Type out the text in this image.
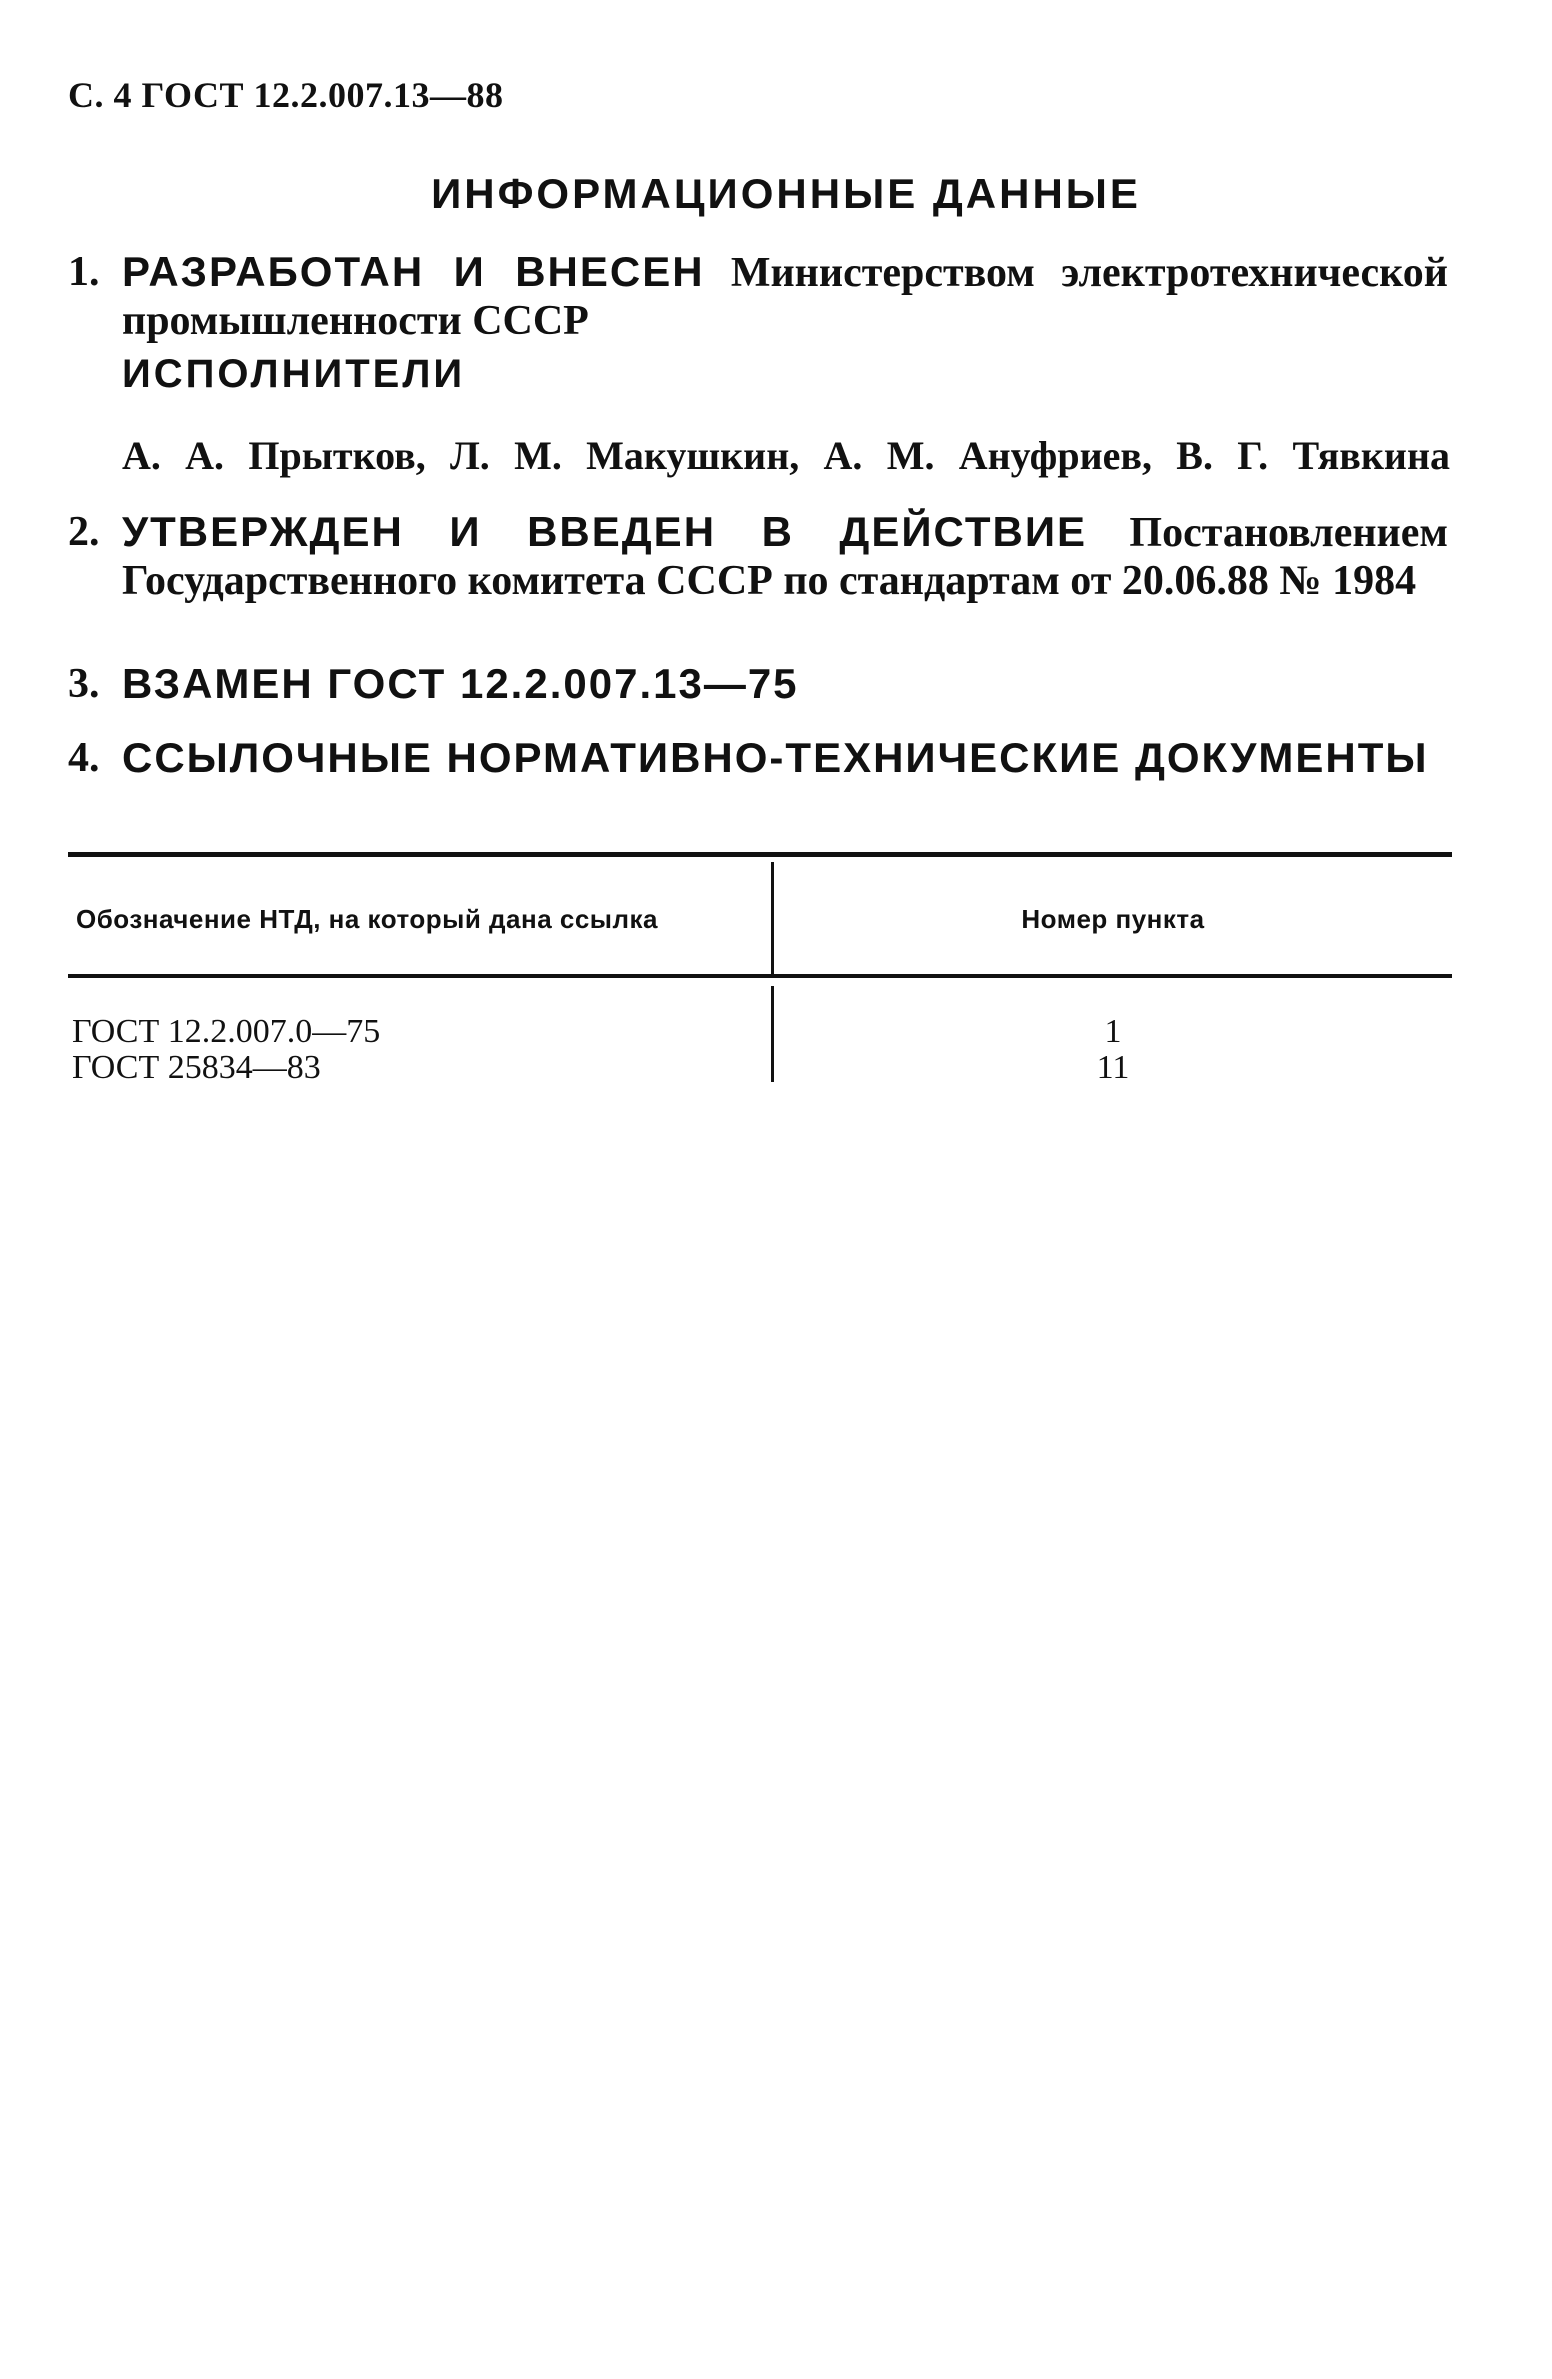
С. 4 ГОСТ 12.2.007.13—88
ИНФОРМАЦИОННЫЕ ДАННЫЕ
1. РАЗРАБОТАН И ВНЕСЕН Министерством электротехнической промышленности СССР
ИСПОЛНИТЕЛИ
А. А. Прытков, Л. М. Макушкин, А. М. Ануфриев, В. Г. Тявкина
2. УТВЕРЖДЕН И ВВЕДЕН В ДЕЙСТВИЕ Постановлением Государственного комитета СССР по стандартам от 20.06.88 № 1984
3. ВЗАМЕН ГОСТ 12.2.007.13—75
4. ССЫЛОЧНЫЕ НОРМАТИВНО-ТЕХНИЧЕСКИЕ ДОКУМЕНТЫ
Обозначение НТД, на который дана ссылка	Номер пункта
ГОСТ 12.2.007.0—75	1
ГОСТ 25834—83	11
